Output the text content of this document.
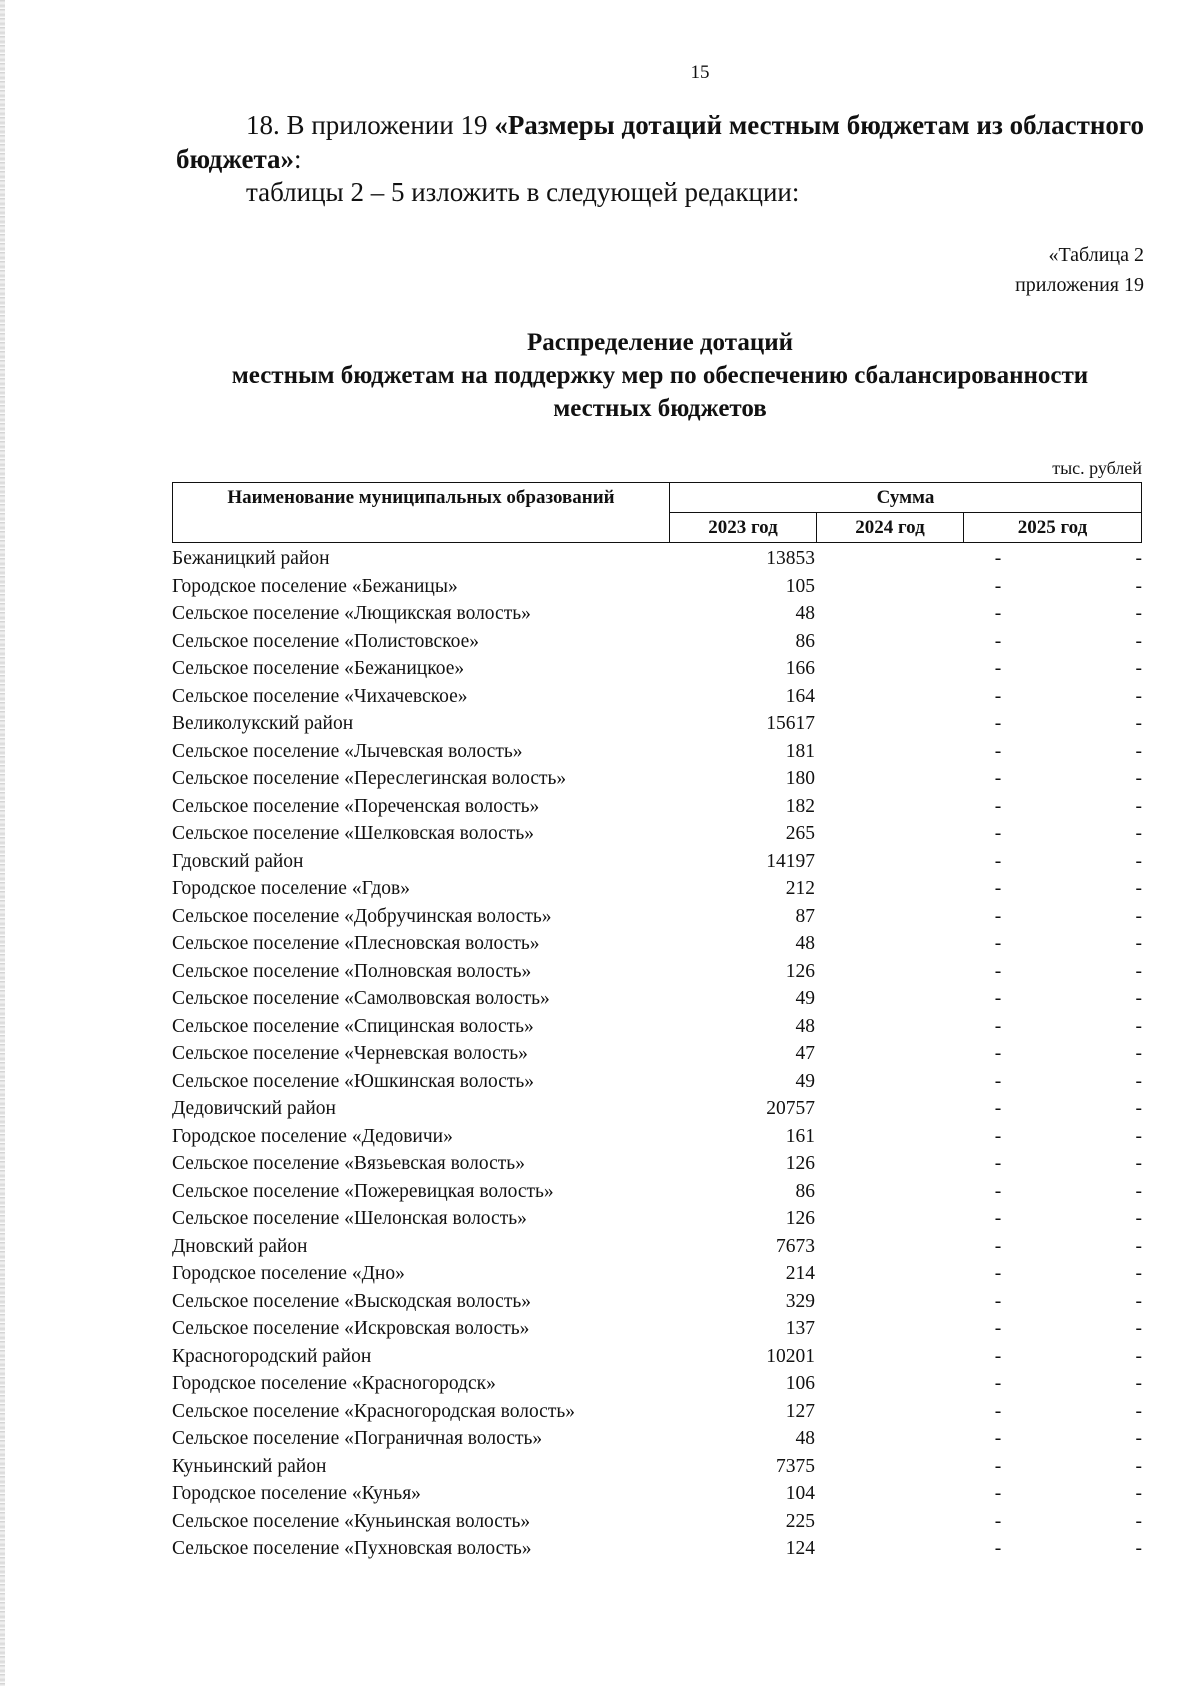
15
18. В приложении 19 «Размеры дотаций местным бюджетам из областного бюджета»:
таблицы 2 – 5 изложить в следующей редакции:
«Таблица 2
приложения 19
Распределение дотаций
местным бюджетам на поддержку мер по обеспечению сбалансированности
местных бюджетов
тыс. рублей
Наименование муниципальных образований	Сумма		
	2023 год	2024 год	2025 год
Бежаницкий район	13853	-	-
Городское поселение «Бежаницы»	105	-	-
Сельское поселение «Лющикская волость»	48	-	-
Сельское поселение «Полистовское»	86	-	-
Сельское поселение «Бежаницкое»	166	-	-
Сельское поселение «Чихачевское»	164	-	-
Великолукский район	15617	-	-
Сельское поселение «Лычевская волость»	181	-	-
Сельское поселение «Переслегинская волость»	180	-	-
Сельское поселение «Пореченская волость»	182	-	-
Сельское поселение «Шелковская волость»	265	-	-
Гдовский район	14197	-	-
Городское поселение «Гдов»	212	-	-
Сельское поселение «Добручинская волость»	87	-	-
Сельское поселение «Плесновская волость»	48	-	-
Сельское поселение «Полновская волость»	126	-	-
Сельское поселение «Самолвовская волость»	49	-	-
Сельское поселение «Спицинская волость»	48	-	-
Сельское поселение «Черневская волость»	47	-	-
Сельское поселение «Юшкинская волость»	49	-	-
Дедовичский район	20757	-	-
Городское поселение «Дедовичи»	161	-	-
Сельское поселение «Вязьевская волость»	126	-	-
Сельское поселение «Пожеревицкая волость»	86	-	-
Сельское поселение «Шелонская волость»	126	-	-
Дновский район	7673	-	-
Городское поселение «Дно»	214	-	-
Сельское поселение «Выскодская волость»	329	-	-
Сельское поселение «Искровская волость»	137	-	-
Красногородский район	10201	-	-
Городское поселение «Красногородск»	106	-	-
Сельское поселение «Красногородская волость»	127	-	-
Сельское поселение «Пограничная волость»	48	-	-
Куньинский район	7375	-	-
Городское поселение «Кунья»	104	-	-
Сельское поселение «Куньинская волость»	225	-	-
Сельское поселение «Пухновская волость»	124	-	-
